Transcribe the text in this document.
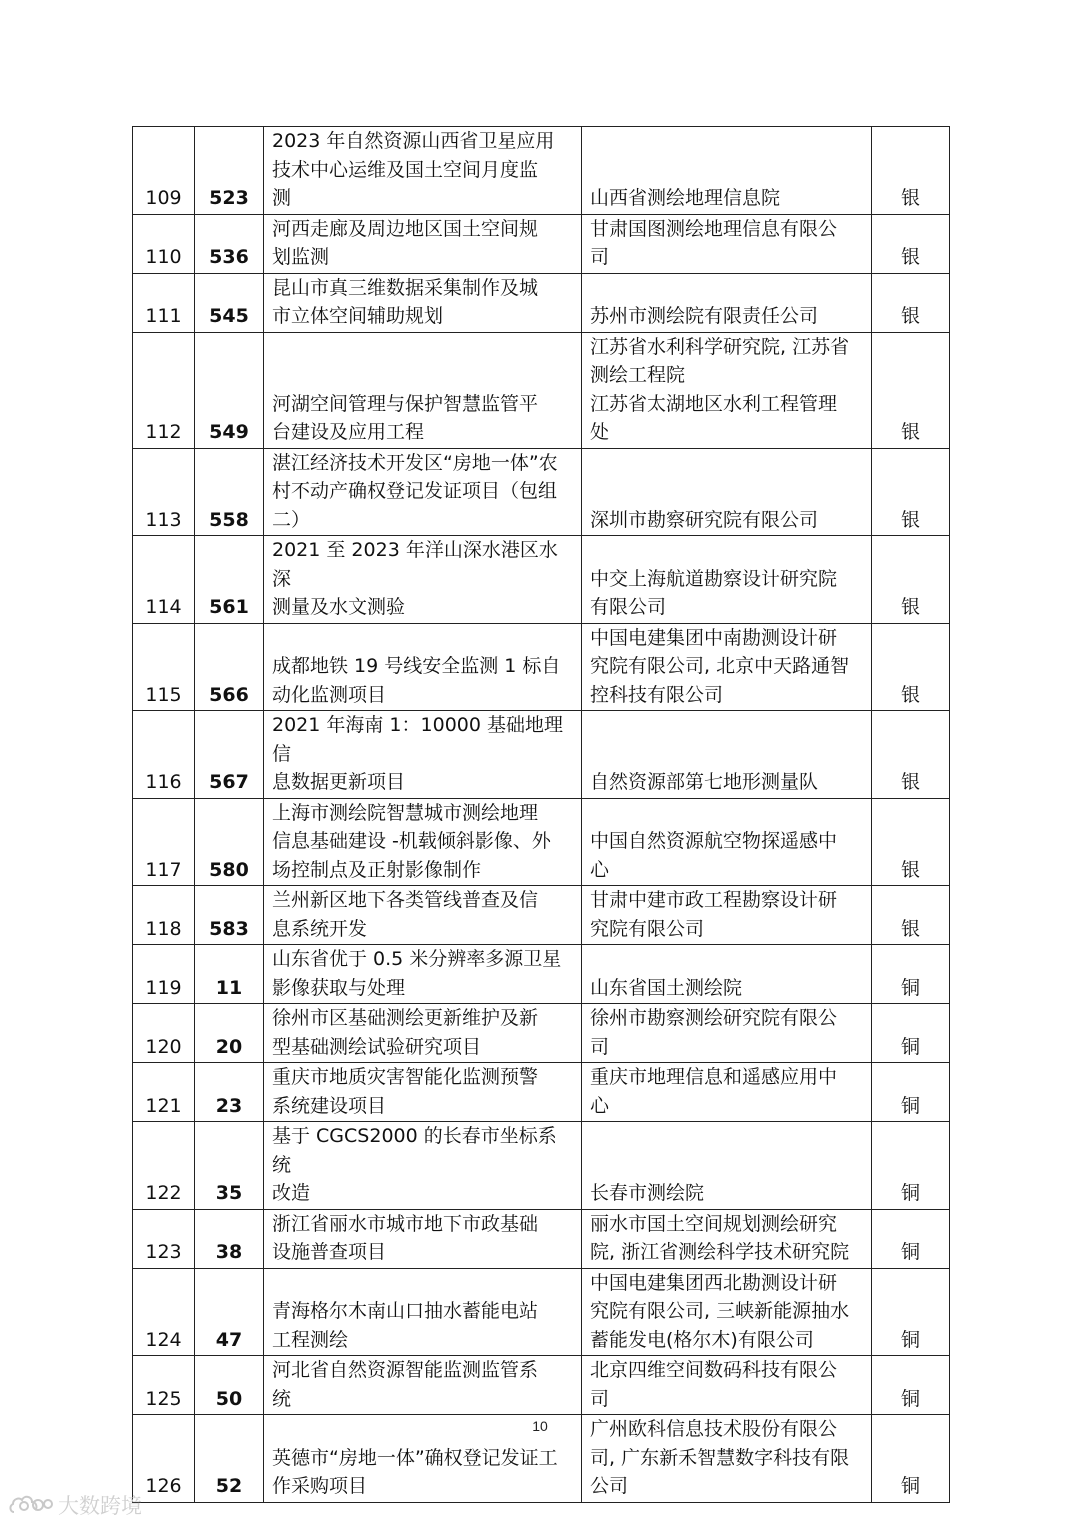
109	523	2023 年自然资源山西省卫星应用
技术中心运维及国土空间月度监
测	山西省测绘地理信息院	银
110	536	河西走廊及周边地区国土空间规
划监测	甘肃国图测绘地理信息有限公
司	银
111	545	昆山市真三维数据采集制作及城
市立体空间辅助规划	苏州市测绘院有限责任公司	银
112	549	河湖空间管理与保护智慧监管平
台建设及应用工程	江苏省水利科学研究院, 江苏省
测绘工程院
江苏省太湖地区水利工程管理
处	银
113	558	湛江经济技术开发区“房地一体”农
村不动产确权登记发证项目（包组
二）	深圳市勘察研究院有限公司	银
114	561	2021 至 2023 年洋山深水港区水深
测量及水文测验	中交上海航道勘察设计研究院
有限公司	银
115	566	成都地铁 19 号线安全监测 1 标自
动化监测项目	中国电建集团中南勘测设计研
究院有限公司, 北京中天路通智
控科技有限公司	银
116	567	2021 年海南 1：10000 基础地理信
息数据更新项目	自然资源部第七地形测量队	银
117	580	上海市测绘院智慧城市测绘地理
信息基础建设 -机载倾斜影像、外
场控制点及正射影像制作	中国自然资源航空物探遥感中
心	银
118	583	兰州新区地下各类管线普查及信
息系统开发	甘肃中建市政工程勘察设计研
究院有限公司	银
119	11	山东省优于 0.5 米分辨率多源卫星
影像获取与处理	山东省国土测绘院	铜
120	20	徐州市区基础测绘更新维护及新
型基础测绘试验研究项目	徐州市勘察测绘研究院有限公
司	铜
121	23	重庆市地质灾害智能化监测预警
系统建设项目	重庆市地理信息和遥感应用中
心	铜
122	35	基于 CGCS2000 的长春市坐标系统
改造	长春市测绘院	铜
123	38	浙江省丽水市城市地下市政基础
设施普查项目	丽水市国土空间规划测绘研究
院, 浙江省测绘科学技术研究院	铜
124	47	青海格尔木南山口抽水蓄能电站
工程测绘	中国电建集团西北勘测设计研
究院有限公司, 三峡新能源抽水
蓄能发电(格尔木)有限公司	铜
125	50	河北省自然资源智能监测监管系
统	北京四维空间数码科技有限公
司	铜
126	52	英德市“房地一体”确权登记发证工
作采购项目	广州欧科信息技术股份有限公
司, 广东新禾智慧数字科技有限
公司	铜
10
大数跨境
